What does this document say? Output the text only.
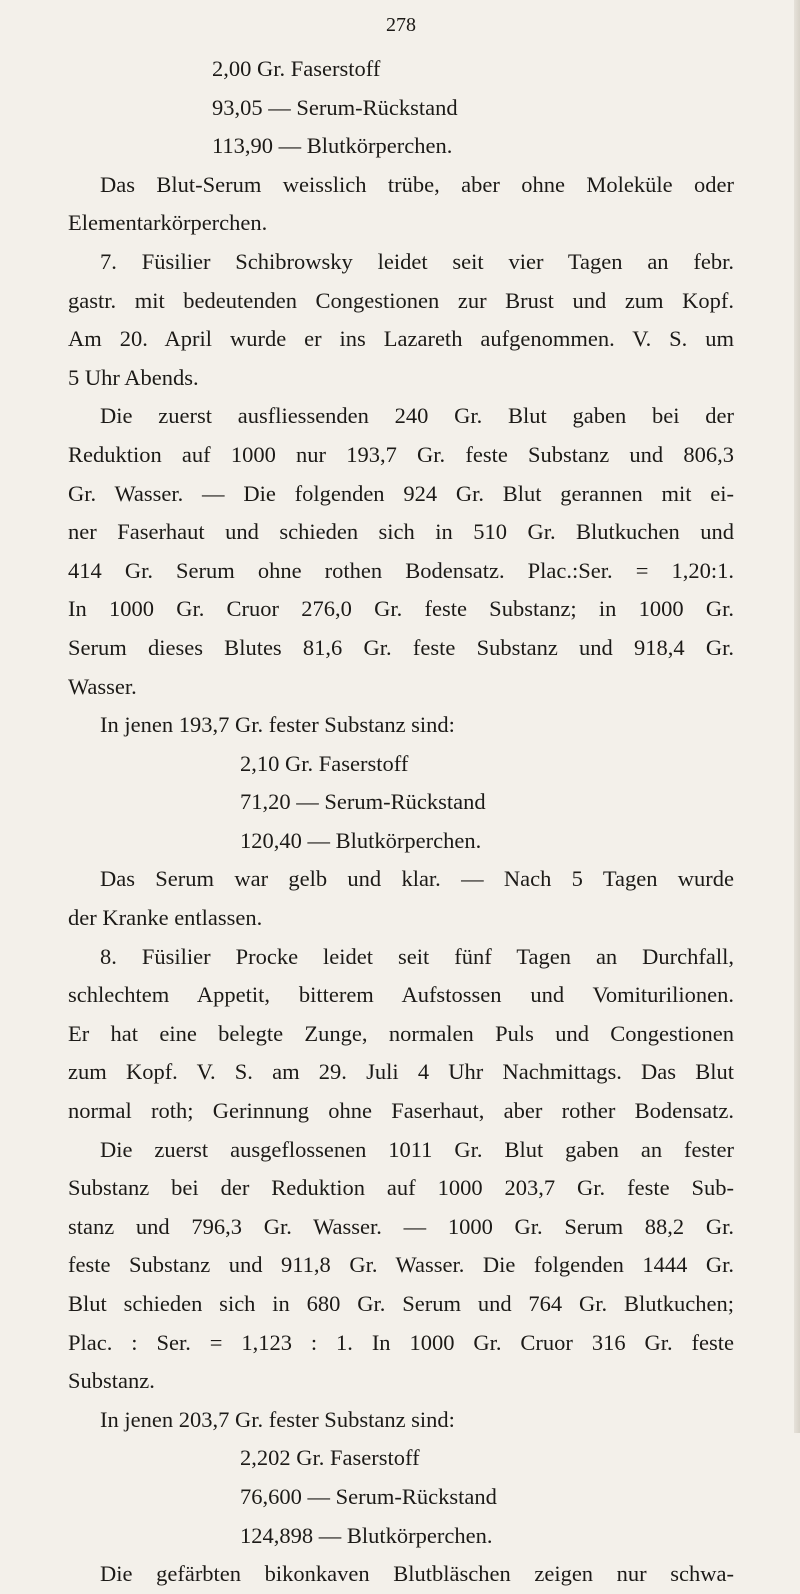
278
2,00 Gr. Faserstoff
93,05 — Serum-Rückstand
113,90 — Blutkörperchen.
Das Blut-Serum weisslich trübe, aber ohne Moleküle oder
Elementarkörperchen.
7. Füsilier Schibrowsky leidet seit vier Tagen an febr.
gastr. mit bedeutenden Congestionen zur Brust und zum Kopf.
Am 20. April wurde er ins Lazareth aufgenommen. V. S. um
5 Uhr Abends.
Die zuerst ausfliessenden 240 Gr. Blut gaben bei der
Reduktion auf 1000 nur 193,7 Gr. feste Substanz und 806,3
Gr. Wasser. — Die folgenden 924 Gr. Blut gerannen mit ei-
ner Faserhaut und schieden sich in 510 Gr. Blutkuchen und
414 Gr. Serum ohne rothen Bodensatz. Plac.:Ser. = 1,20:1.
In 1000 Gr. Cruor 276,0 Gr. feste Substanz; in 1000 Gr.
Serum dieses Blutes 81,6 Gr. feste Substanz und 918,4 Gr.
Wasser.
In jenen 193,7 Gr. fester Substanz sind:
2,10 Gr. Faserstoff
71,20 — Serum-Rückstand
120,40 — Blutkörperchen.
Das Serum war gelb und klar. — Nach 5 Tagen wurde
der Kranke entlassen.
8. Füsilier Procke leidet seit fünf Tagen an Durchfall,
schlechtem Appetit, bitterem Aufstossen und Vomiturilionen.
Er hat eine belegte Zunge, normalen Puls und Congestionen
zum Kopf. V. S. am 29. Juli 4 Uhr Nachmittags. Das Blut
normal roth; Gerinnung ohne Faserhaut, aber rother Bodensatz.
Die zuerst ausgeflossenen 1011 Gr. Blut gaben an fester
Substanz bei der Reduktion auf 1000 203,7 Gr. feste Sub-
stanz und 796,3 Gr. Wasser. — 1000 Gr. Serum 88,2 Gr.
feste Substanz und 911,8 Gr. Wasser. Die folgenden 1444 Gr.
Blut schieden sich in 680 Gr. Serum und 764 Gr. Blutkuchen;
Plac. : Ser. = 1,123 : 1. In 1000 Gr. Cruor 316 Gr. feste
Substanz.
In jenen 203,7 Gr. fester Substanz sind:
2,202 Gr. Faserstoff
76,600 — Serum-Rückstand
124,898 — Blutkörperchen.
Die gefärbten bikonkaven Blutbläschen zeigen nur schwa-
